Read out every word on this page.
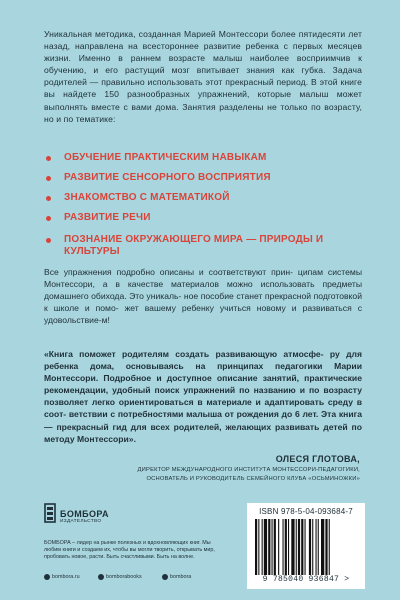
Уникальная методика, созданная Марией Монтессори более пятидесяти лет назад, направлена на всестороннее развитие ребенка с первых месяцев жизни. Именно в раннем возрасте малыш наиболее восприимчив к обучению, и его растущий мозг впитывает знания как губка. Задача родителей — правильно использовать этот прекрасный период. В этой книге вы найдете 150 разнообразных упражнений, которые малыш может выполнять вместе с вами дома. Занятия разделены не только по возрасту, но и по тематике:

ОБУЧЕНИЕ ПРАКТИЧЕСКИМ НАВЫКАМ
РАЗВИТИЕ СЕНСОРНОГО ВОСПРИЯТИЯ
ЗНАКОМСТВО С МАТЕМАТИКОЙ
РАЗВИТИЕ РЕЧИ
ПОЗНАНИЕ ОКРУЖАЮЩЕГО МИРА — ПРИРОДЫ И КУЛЬТУРЫ

Все упражнения подробно описаны и соответствуют прин- ципам системы Монтессори, а в качестве материалов можно использовать предметы домашнего обихода. Это уникаль- ное пособие станет прекрасной подготовкой к школе и помо- жет вашему ребенку учиться новому и развиваться с удовольствие-м!

«Книга поможет родителям создать развивающую атмосфе- ру для ребенка дома, основываясь на принципах педагогики Марии Монтессори. Подробное и доступное описание занятий, практические рекомендации, удобный поиск упражнений по названию и по возрасту позволяет легко ориентироваться в материале и адаптировать среду в соот- ветствии с потребностями малыша от рождения до 6 лет. Эта книга — прекрасный гид для всех родителей, желающих развивать детей по методу Монтессори».

ОЛЕСЯ ГЛОТОВА,

ДИРЕКТОР МЕЖДУНАРОДНОГО ИНСТИТУТА МОНТЕССОРИ-ПЕДАГОГИКИ,
ОСНОВАТЕЛЬ И РУКОВОДИТЕЛЬ СЕМЕЙНОГО КЛУБА «ОСЬМИНОЖКИ»

БОМБОРА
ИЗДАТЕЛЬСТВО

БОМБОРА – лидер на рынке полезных и вдохновляющих книг. Мы любим книги и создаем их, чтобы вы могли творить, открывать мир, пробовать новое, расти. Быть счастливыми. Быть на волне.

bombora.ru	bomborabooks	bombora
ISBN 978-5-04-093684-7
9 785040 936847 >
